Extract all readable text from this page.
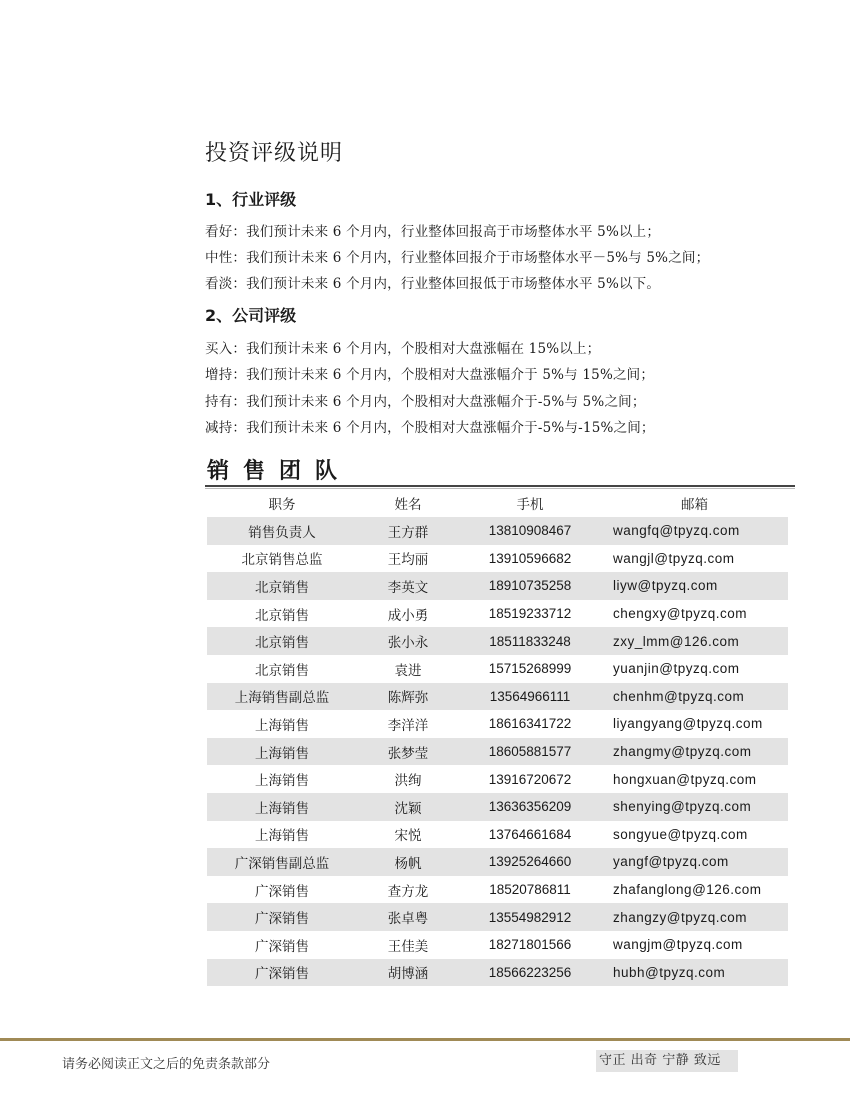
投资评级说明
1、行业评级
看好：我们预计未来 6 个月内，行业整体回报高于市场整体水平 5%以上；
中性：我们预计未来 6 个月内，行业整体回报介于市场整体水平－5%与 5%之间；
看淡：我们预计未来 6 个月内，行业整体回报低于市场整体水平 5%以下。
2、公司评级
买入：我们预计未来 6 个月内，个股相对大盘涨幅在 15%以上；
增持：我们预计未来 6 个月内，个股相对大盘涨幅介于 5%与 15%之间；
持有：我们预计未来 6 个月内，个股相对大盘涨幅介于-5%与 5%之间；
减持：我们预计未来 6 个月内，个股相对大盘涨幅介于-5%与-15%之间；
销售团队
职务	姓名	手机	邮箱
销售负责人	王方群	13810908467	wangfq@tpyzq.com
北京销售总监	王均丽	13910596682	wangjl@tpyzq.com
北京销售	李英文	18910735258	liyw@tpyzq.com
北京销售	成小勇	18519233712	chengxy@tpyzq.com
北京销售	张小永	18511833248	zxy_lmm@126.com
北京销售	袁进	15715268999	yuanjin@tpyzq.com
上海销售副总监	陈辉弥	13564966111	chenhm@tpyzq.com
上海销售	李洋洋	18616341722	liyangyang@tpyzq.com
上海销售	张梦莹	18605881577	zhangmy@tpyzq.com
上海销售	洪绚	13916720672	hongxuan@tpyzq.com
上海销售	沈颖	13636356209	shenying@tpyzq.com
上海销售	宋悦	13764661684	songyue@tpyzq.com
广深销售副总监	杨帆	13925264660	yangf@tpyzq.com
广深销售	查方龙	18520786811	zhafanglong@126.com
广深销售	张卓粤	13554982912	zhangzy@tpyzq.com
广深销售	王佳美	18271801566	wangjm@tpyzq.com
广深销售	胡博涵	18566223256	hubh@tpyzq.com
请务必阅读正文之后的免责条款部分	守正 出奇 宁静 致远
